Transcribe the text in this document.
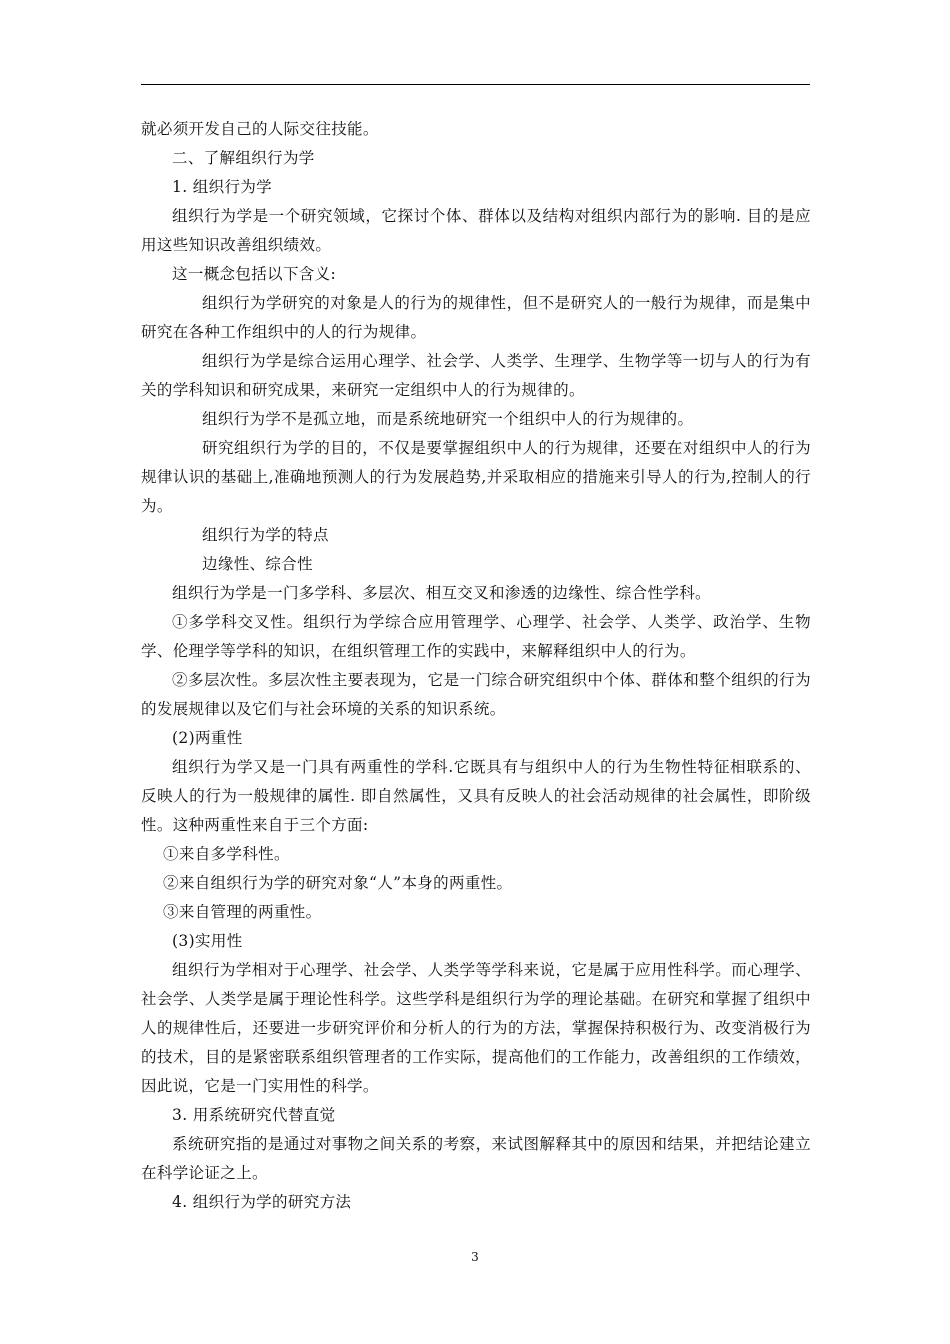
就必须开发自己的人际交往技能。

二、了解组织行为学

1. 组织行为学

组织行为学是一个研究领域，它探讨个体、群体以及结构对组织内部行为的影响. 目的是应用这些知识改善组织绩效。

这一概念包括以下含义:

组织行为学研究的对象是人的行为的规律性，但不是研究人的一般行为规律，而是集中研究在各种工作组织中的人的行为规律。

组织行为学是综合运用心理学、社会学、人类学、生理学、生物学等一切与人的行为有关的学科知识和研究成果，来研究一定组织中人的行为规律的。

组织行为学不是孤立地，而是系统地研究一个组织中人的行为规律的。

研究组织行为学的目的，不仅是要掌握组织中人的行为规律，还要在对组织中人的行为规律认识的基础上,准确地预测人的行为发展趋势,并采取相应的措施来引导人的行为,控制人的行为。

组织行为学的特点

边缘性、综合性

组织行为学是一门多学科、多层次、相互交叉和渗透的边缘性、综合性学科。

①多学科交叉性。组织行为学综合应用管理学、心理学、社会学、人类学、政治学、生物学、伦理学等学科的知识，在组织管理工作的实践中，来解释组织中人的行为。

②多层次性。多层次性主要表现为，它是一门综合研究组织中个体、群体和整个组织的行为的发展规律以及它们与社会环境的关系的知识系统。

(2)两重性

组织行为学又是一门具有两重性的学科.它既具有与组织中人的行为生物性特征相联系的、反映人的行为一般规律的属性. 即自然属性，又具有反映人的社会活动规律的社会属性，即阶级性。这种两重性来自于三个方面:

①来自多学科性。

②来自组织行为学的研究对象“人”本身的两重性。

③来自管理的两重性。

(3)实用性

组织行为学相对于心理学、社会学、人类学等学科来说，它是属于应用性科学。而心理学、社会学、人类学是属于理论性科学。这些学科是组织行为学的理论基础。在研究和掌握了组织中人的规律性后，还要进一步研究评价和分析人的行为的方法，掌握保持积极行为、改变消极行为的技术，目的是紧密联系组织管理者的工作实际，提高他们的工作能力，改善组织的工作绩效，因此说，它是一门实用性的科学。

3. 用系统研究代替直觉

系统研究指的是通过对事物之间关系的考察，来试图解释其中的原因和结果，并把结论建立在科学论证之上。

4. 组织行为学的研究方法

3
